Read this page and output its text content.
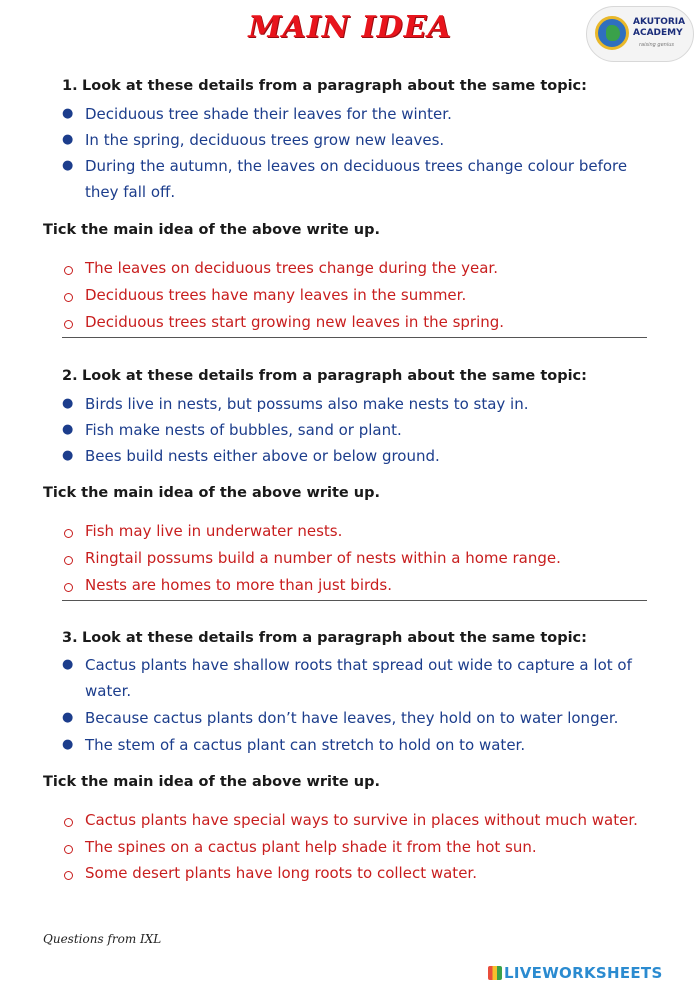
MAIN IDEA	AKUTORIA
ACADEMY
raising genius
1. Look at these details from a paragraph about the same topic:
● Deciduous tree shade their leaves for the winter.
● In the spring, deciduous trees grow new leaves.
● During the autumn, the leaves on deciduous trees change colour before they fall off.
Tick the main idea of the above write up.
The leaves on deciduous trees change during the year.
Deciduous trees have many leaves in the summer.
Deciduous trees start growing new leaves in the spring.
2. Look at these details from a paragraph about the same topic:
● Birds live in nests, but possums also make nests to stay in.
● Fish make nests of bubbles, sand or plant.
● Bees build nests either above or below ground.
Tick the main idea of the above write up.
Fish may live in underwater nests.
Ringtail possums build a number of nests within a home range.
Nests are homes to more than just birds.
3. Look at these details from a paragraph about the same topic:
● Cactus plants have shallow roots that spread out wide to capture a lot of water.
● Because cactus plants don’t have leaves, they hold on to water longer.
● The stem of a cactus plant can stretch to hold on to water.
Tick the main idea of the above write up.
Cactus plants have special ways to survive in places without much water.
The spines on a cactus plant help shade it from the hot sun.
Some desert plants have long roots to collect water.
Questions from IXL
LIVEWORKSHEETS
